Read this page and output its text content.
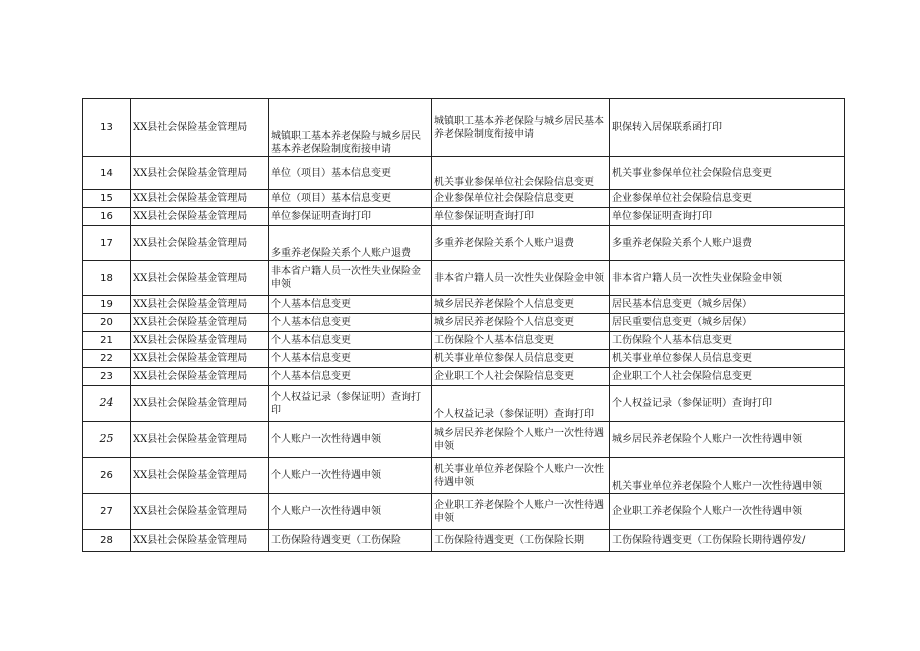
13	XX县社会保险基金管理局	城镇职工基本养老保险与城乡居民基本养老保险制度衔接申请	城镇职工基本养老保险与城乡居民基本养老保险制度衔接申请	职保转入居保联系函打印
14	XX县社会保险基金管理局	单位（项目）基本信息变更	机关事业参保单位社会保险信息变更	机关事业参保单位社会保险信息变更
15	XX县社会保险基金管理局	单位（项目）基本信息变更	企业参保单位社会保险信息变更	企业参保单位社会保险信息变更
16	XX县社会保险基金管理局	单位参保证明查询打印	单位参保证明查询打印	单位参保证明查询打印
17	XX县社会保险基金管理局	多重养老保险关系个人账户退费	多重养老保险关系个人账户退费	多重养老保险关系个人账户退费
18	XX县社会保险基金管理局	非本省户籍人员一次性失业保险金申领	非本省户籍人员一次性失业保险金申领	非本省户籍人员一次性失业保险金申领
19	XX县社会保险基金管理局	个人基本信息变更	城乡居民养老保险个人信息变更	居民基本信息变更（城乡居保）
20	XX县社会保险基金管理局	个人基本信息变更	城乡居民养老保险个人信息变更	居民重要信息变更（城乡居保）
21	XX县社会保险基金管理局	个人基本信息变更	工伤保险个人基本信息变更	工伤保险个人基本信息变更
22	XX县社会保险基金管理局	个人基本信息变更	机关事业单位参保人员信息变更	机关事业单位参保人员信息变更
23	XX县社会保险基金管理局	个人基本信息变更	企业职工个人社会保险信息变更	企业职工个人社会保险信息变更
24	XX县社会保险基金管理局	个人权益记录（参保证明）查询打印	个人权益记录（参保证明）查询打印	个人权益记录（参保证明）查询打印
25	XX县社会保险基金管理局	个人账户一次性待遇申领	城乡居民养老保险个人账户一次性待遇申领	城乡居民养老保险个人账户一次性待遇申领
26	XX县社会保险基金管理局	个人账户一次性待遇申领	机关事业单位养老保险个人账户一次性待遇申领	机关事业单位养老保险个人账户一次性待遇申领
27	XX县社会保险基金管理局	个人账户一次性待遇申领	企业职工养老保险个人账户一次性待遇申领	企业职工养老保险个人账户一次性待遇申领
28	XX县社会保险基金管理局	工伤保险待遇变更（工伤保险	工伤保险待遇变更（工伤保险长期	工伤保险待遇变更（工伤保险长期待遇停发/
